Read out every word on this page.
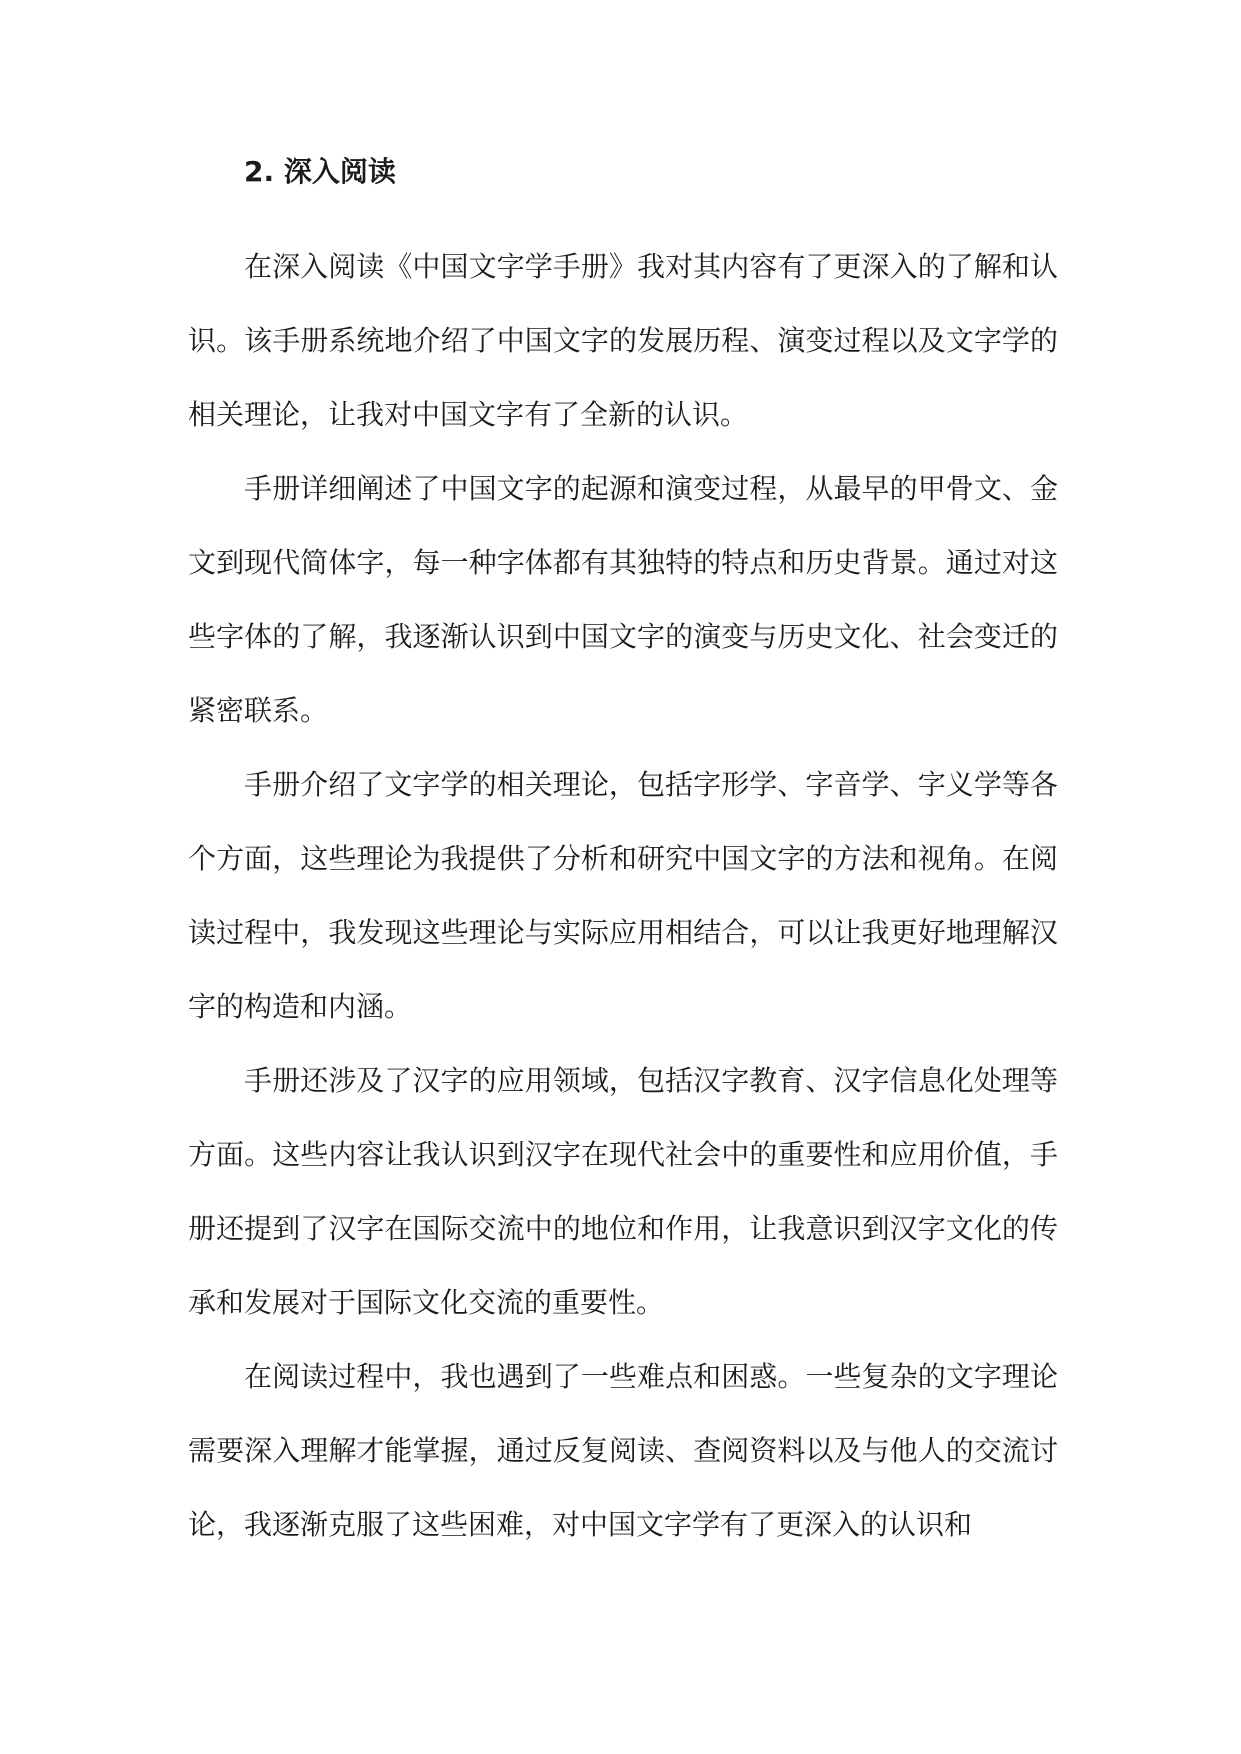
2. 深入阅读

在深入阅读《中国文字学手册》我对其内容有了更深入的了解和认识。该手册系统地介绍了中国文字的发展历程、演变过程以及文字学的相关理论，让我对中国文字有了全新的认识。

手册详细阐述了中国文字的起源和演变过程，从最早的甲骨文、金文到现代简体字，每一种字体都有其独特的特点和历史背景。通过对这些字体的了解，我逐渐认识到中国文字的演变与历史文化、社会变迁的紧密联系。

手册介绍了文字学的相关理论，包括字形学、字音学、字义学等各个方面，这些理论为我提供了分析和研究中国文字的方法和视角。在阅读过程中，我发现这些理论与实际应用相结合，可以让我更好地理解汉字的构造和内涵。

手册还涉及了汉字的应用领域，包括汉字教育、汉字信息化处理等方面。这些内容让我认识到汉字在现代社会中的重要性和应用价值，手册还提到了汉字在国际交流中的地位和作用，让我意识到汉字文化的传承和发展对于国际文化交流的重要性。

在阅读过程中，我也遇到了一些难点和困惑。一些复杂的文字理论需要深入理解才能掌握，通过反复阅读、查阅资料以及与他人的交流讨论，我逐渐克服了这些困难，对中国文字学有了更深入的认识和
